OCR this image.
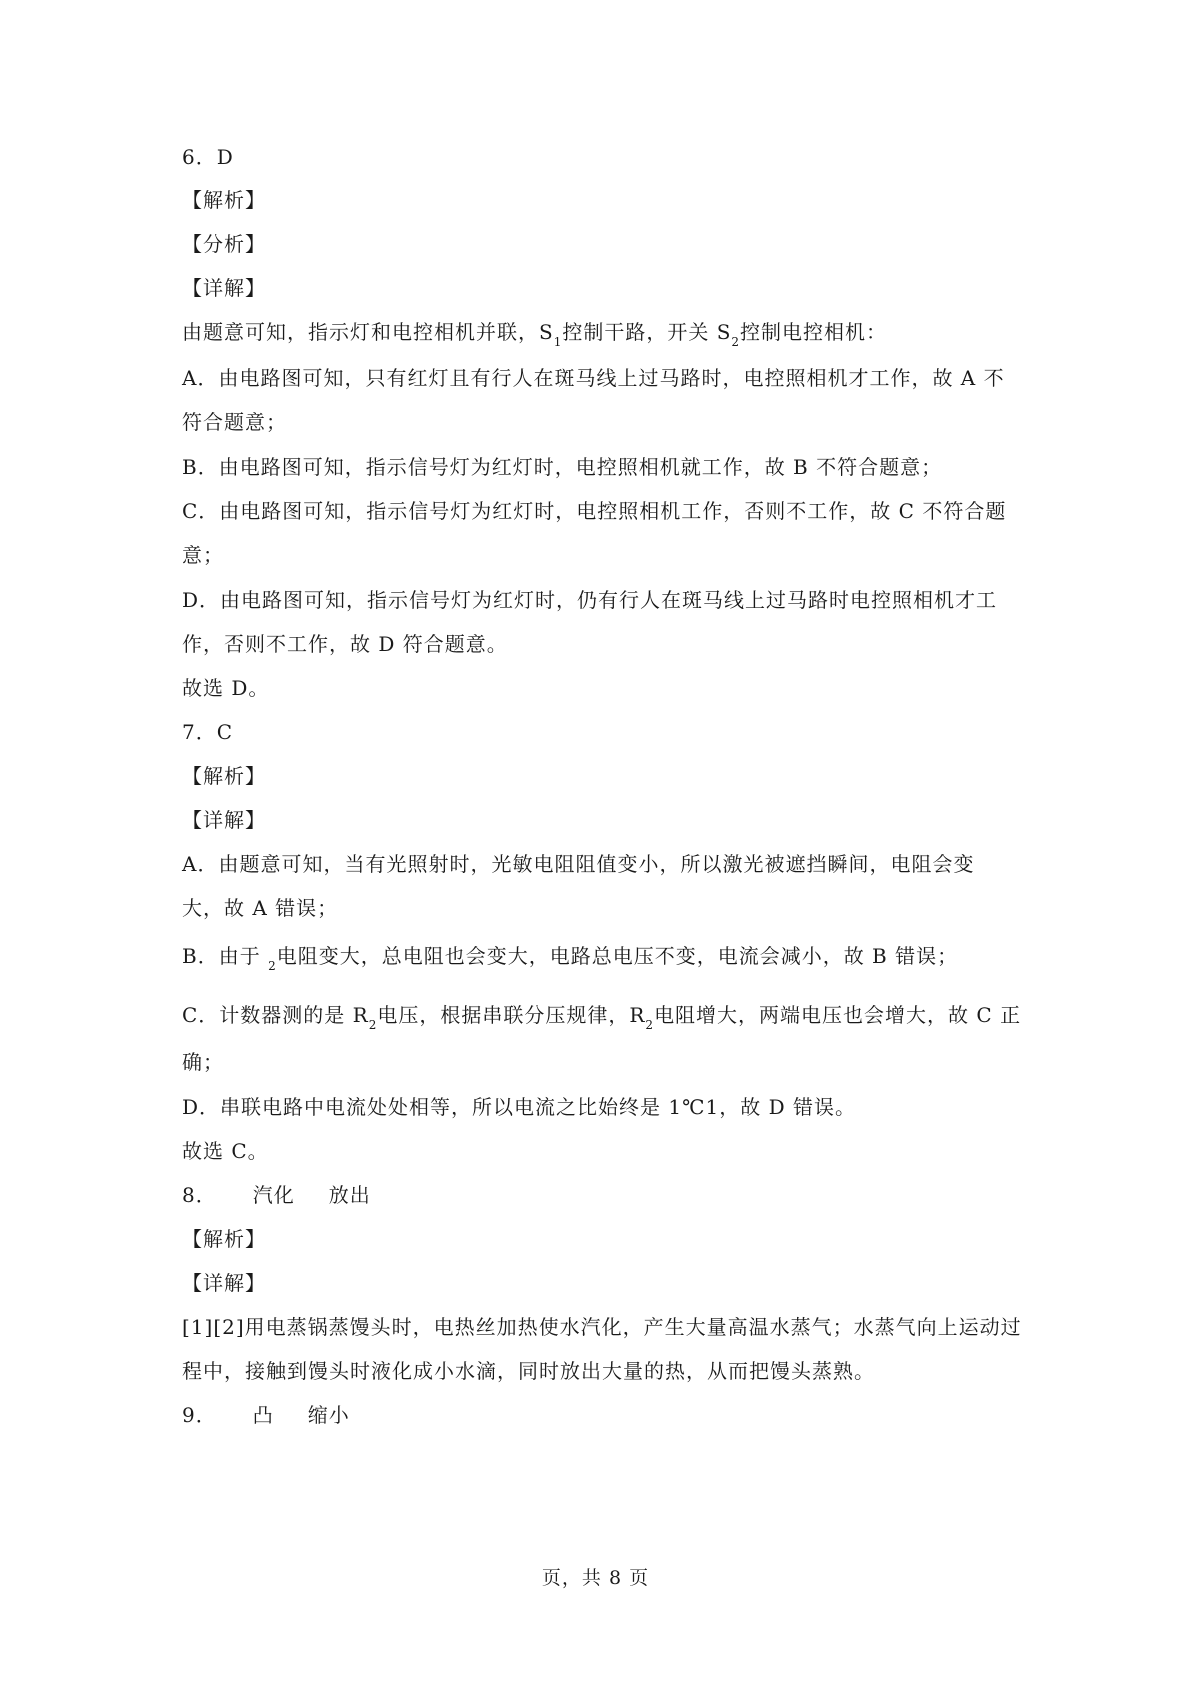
6．D
【解析】
【分析】
【详解】
由题意可知，指示灯和电控相机并联，$S_1$控制干路，开关 $S_2$控制电控相机：
A．由电路图可知，只有红灯且有行人在斑马线上过马路时，电控照相机才工作，故 A 不
符合题意；
B．由电路图可知，指示信号灯为红灯时，电控照相机就工作，故 B 不符合题意；
C．由电路图可知，指示信号灯为红灯时，电控照相机工作，否则不工作，故 C 不符合题
意；
D．由电路图可知，指示信号灯为红灯时，仍有行人在斑马线上过马路时电控照相机才工
作，否则不工作，故 D 符合题意。
故选 D。
7．C
【解析】
【详解】
A．由题意可知，当有光照射时，光敏电阻阻值变小，所以激光被遮挡瞬间，电阻会变
大，故 A 错误；
B．由于 $_2$电阻变大，总电阻也会变大，电路总电压不变，电流会减小，故 B 错误；
C．计数器测的是 $R_2$电压，根据串联分压规律，$R_2$电阻增大，两端电压也会增大，故 C 正
确；
D．串联电路中电流处处相等，所以电流之比始终是 1℃1，故 D 错误。
故选 C。
8． 汽化 放出
【解析】
【详解】
[1][2]用电蒸锅蒸馒头时，电热丝加热使水汽化，产生大量高温水蒸气；水蒸气向上运动过
程中，接触到馒头时液化成小水滴，同时放出大量的热，从而把馒头蒸熟。
9． 凸 缩小
页，共 8 页
